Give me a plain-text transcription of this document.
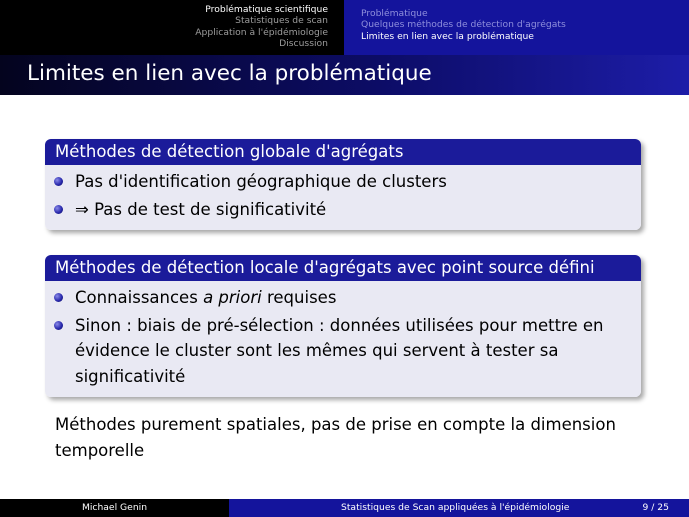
Problématique scientifique
Statistiques de scan
Application à l'épidémiologie
Discussion
Problématique
Quelques méthodes de détection d'agrégats
Limites en lien avec la problématique
Limites en lien avec la problématique
Méthodes de détection globale d'agrégats
Pas d'identification géographique de clusters
⇒ Pas de test de significativité
Méthodes de détection locale d'agrégats avec point source défini
Connaissances a priori requises
Sinon : biais de pré-sélection : données utilisées pour mettre en évidence le cluster sont les mêmes qui servent à tester sa significativité
Méthodes purement spatiales, pas de prise en compte la dimension temporelle
Michael Genin	Statistiques de Scan appliquées à l'épidémiologie	9 / 25
